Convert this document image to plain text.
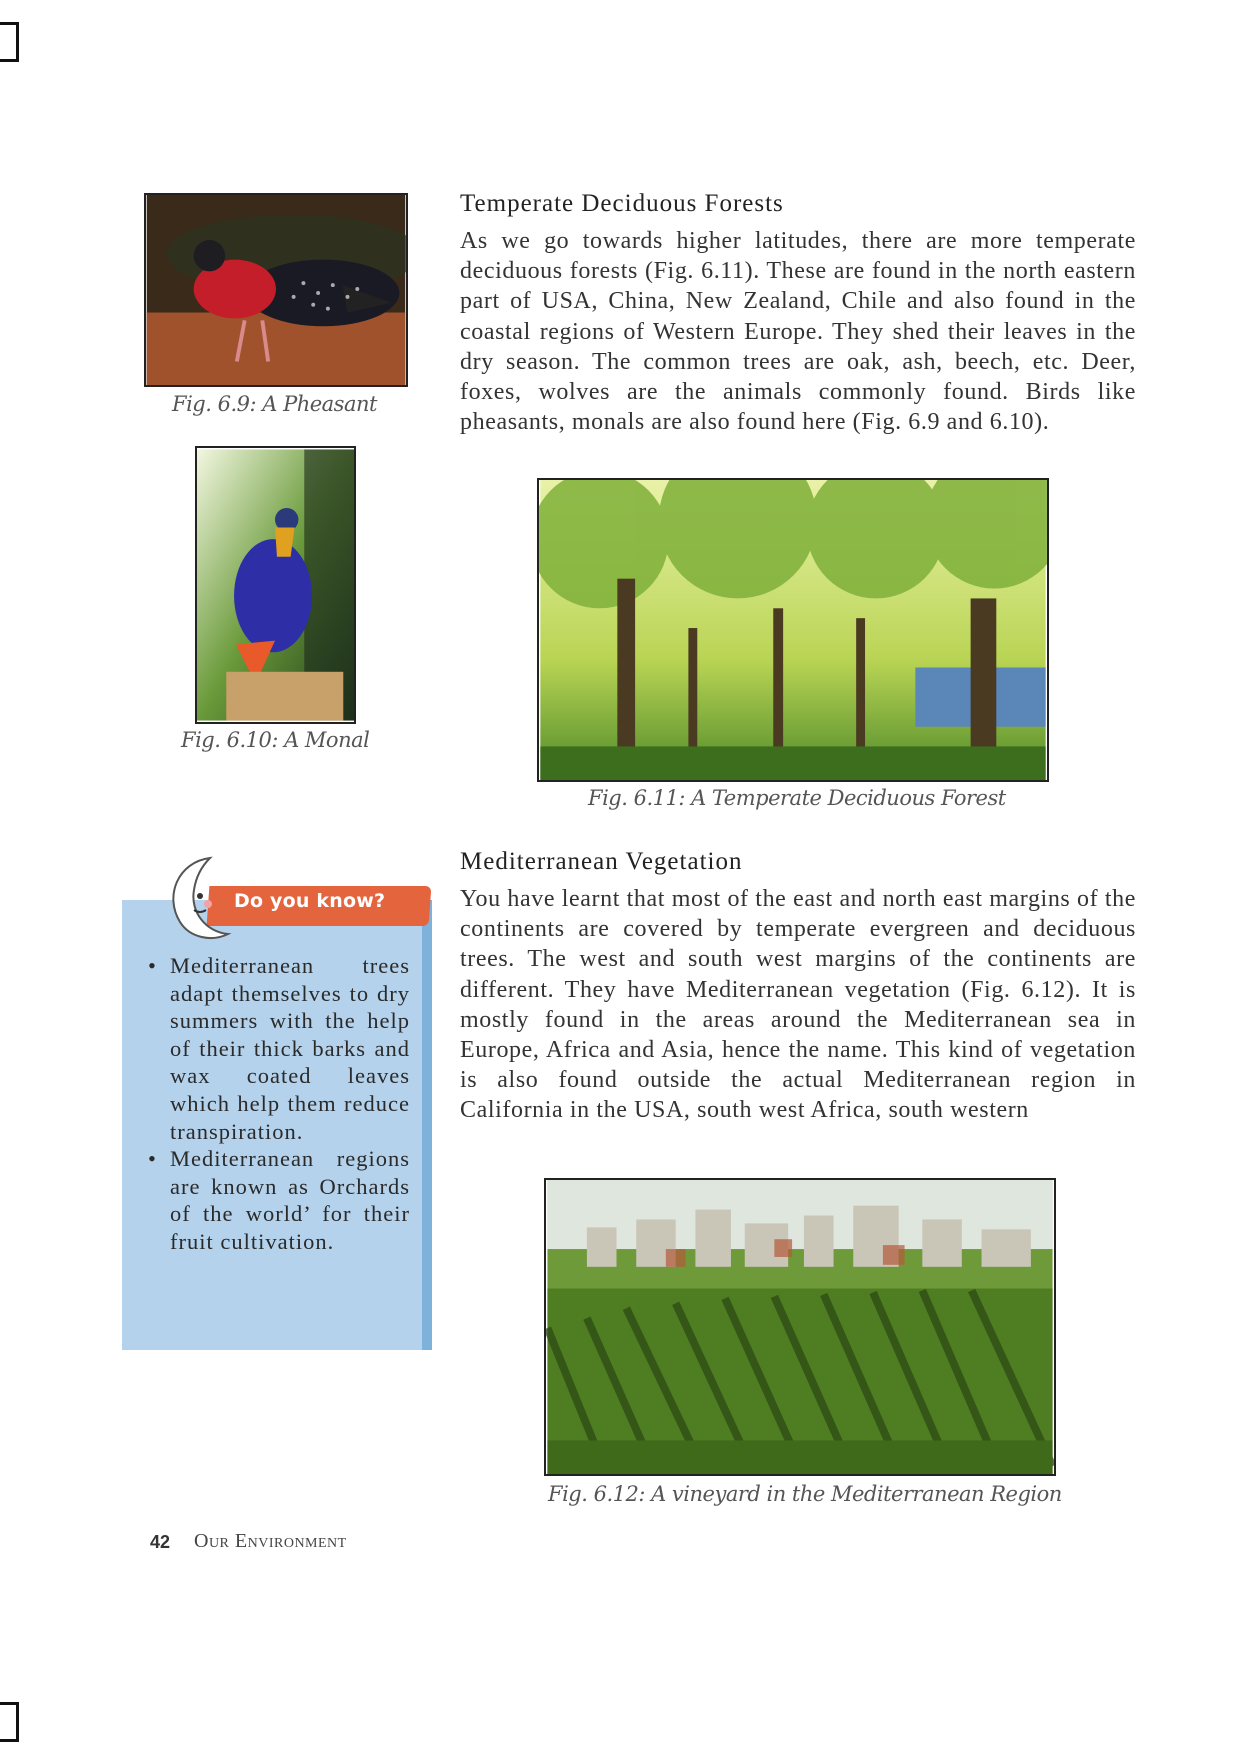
Fig. 6.9: A Pheasant
Fig. 6.10: A Monal
Temperate Deciduous Forests

As we go towards higher latitudes, there are more temperate deciduous forests (Fig. 6.11). These are found in the north eastern part of USA, China, New Zealand, Chile and also found in the coastal regions of Western Europe. They shed their leaves in the dry season. The common trees are oak, ash, beech, etc. Deer, foxes, wolves are the animals commonly found. Birds like pheasants, monals are also found here (Fig. 6.9 and 6.10).

Fig. 6.11: A Temperate Deciduous Forest
Mediterranean Vegetation

You have learnt that most of the east and north east margins of the continents are covered by temperate evergreen and deciduous trees. The west and south west margins of the continents are different. They have Mediterranean vegetation (Fig. 6.12). It is mostly found in the areas around the Mediterranean sea in Europe, Africa and Asia, hence the name. This kind of vegetation is also found outside the actual Mediterranean region in California in the USA, south west Africa, south western

Fig. 6.12: A vineyard in the Mediterranean Region
Do you know?
• Mediterranean trees adapt themselves to dry summers with the help of their thick barks and wax coated leaves which help them reduce transpiration.
• Mediterranean regions are known as Orchards of the world’ for their fruit cultivation.
42 Our Environment
